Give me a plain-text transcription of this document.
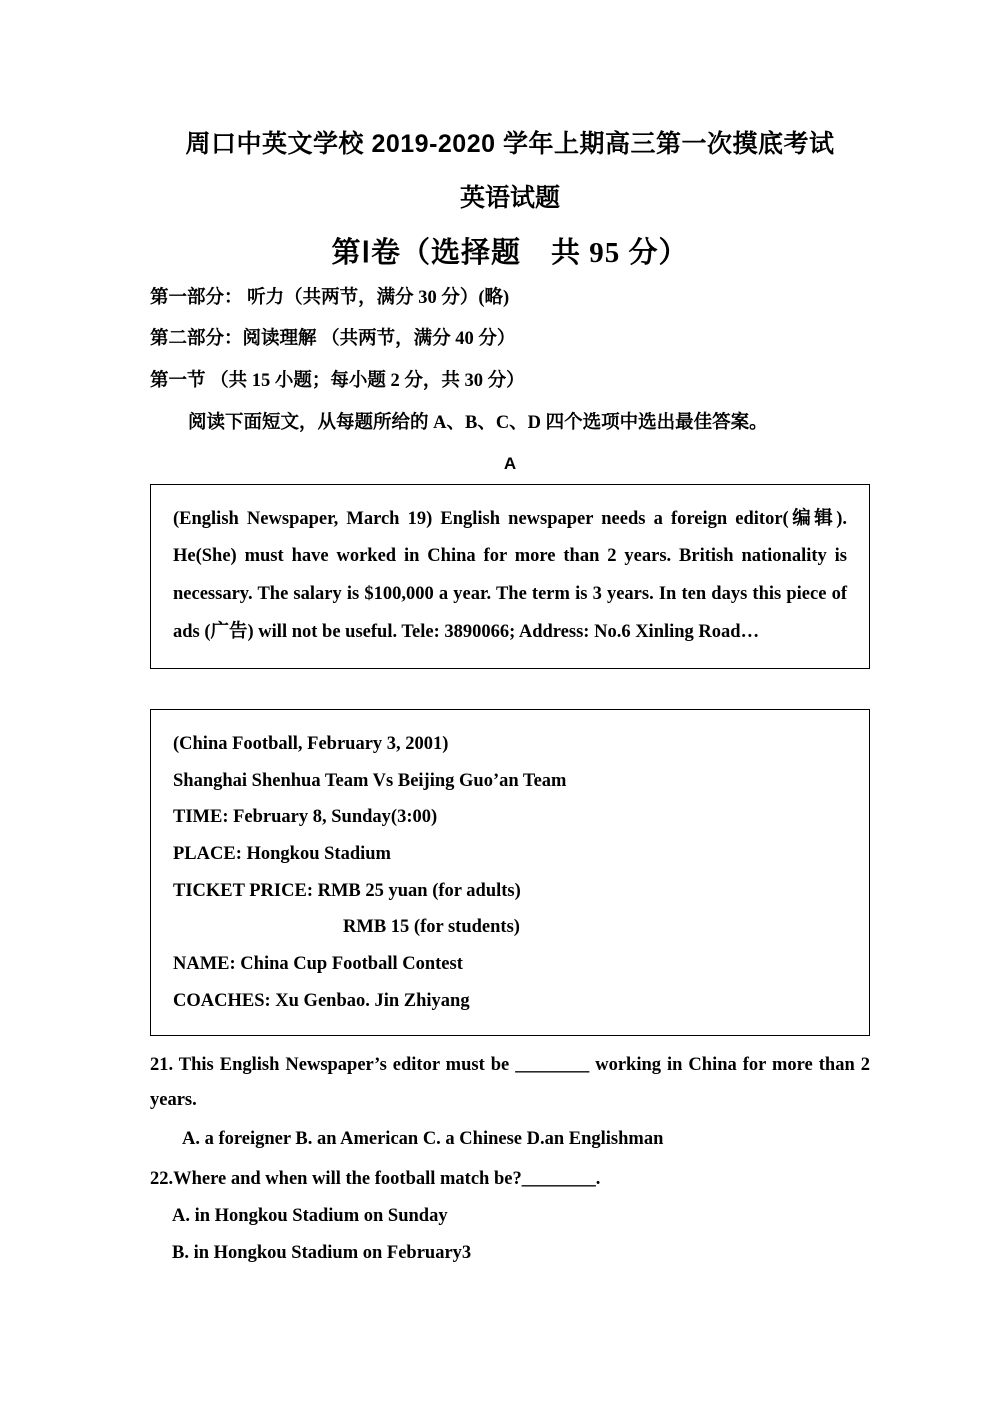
周口中英文学校 2019-2020 学年上期高三第一次摸底考试
英语试题
第Ⅰ卷（选择题　共 95 分）

第一部分： 听力（共两节，满分 30 分）(略)

第二部分：阅读理解 （共两节，满分 40 分）

第一节 （共 15 小题；每小题 2 分，共 30 分）

阅读下面短文，从每题所给的 A、B、C、D 四个选项中选出最佳答案。

A

(English Newspaper, March 19) English newspaper needs a foreign editor(编辑). He(She) must have worked in China for more than 2 years. British nationality is necessary. The salary is $100,000 a year. The term is 3 years. In ten days this piece of ads (广告) will not be useful. Tele: 3890066; Address: No.6 Xinling Road…

(China Football, February 3, 2001)

Shanghai Shenhua Team Vs Beijing Guo’an Team

TIME: February 8, Sunday(3:00)

PLACE: Hongkou Stadium

TICKET PRICE: RMB 25 yuan (for adults)

RMB 15 (for students)

NAME: China Cup Football Contest

COACHES: Xu Genbao. Jin Zhiyang

21. This English Newspaper’s editor must be ________ working in China for more than 2 years.

A. a foreigner B. an American C. a Chinese D.an Englishman

22.Where and when will the football match be?________.

A. in Hongkou Stadium on Sunday

B. in Hongkou Stadium on February3
